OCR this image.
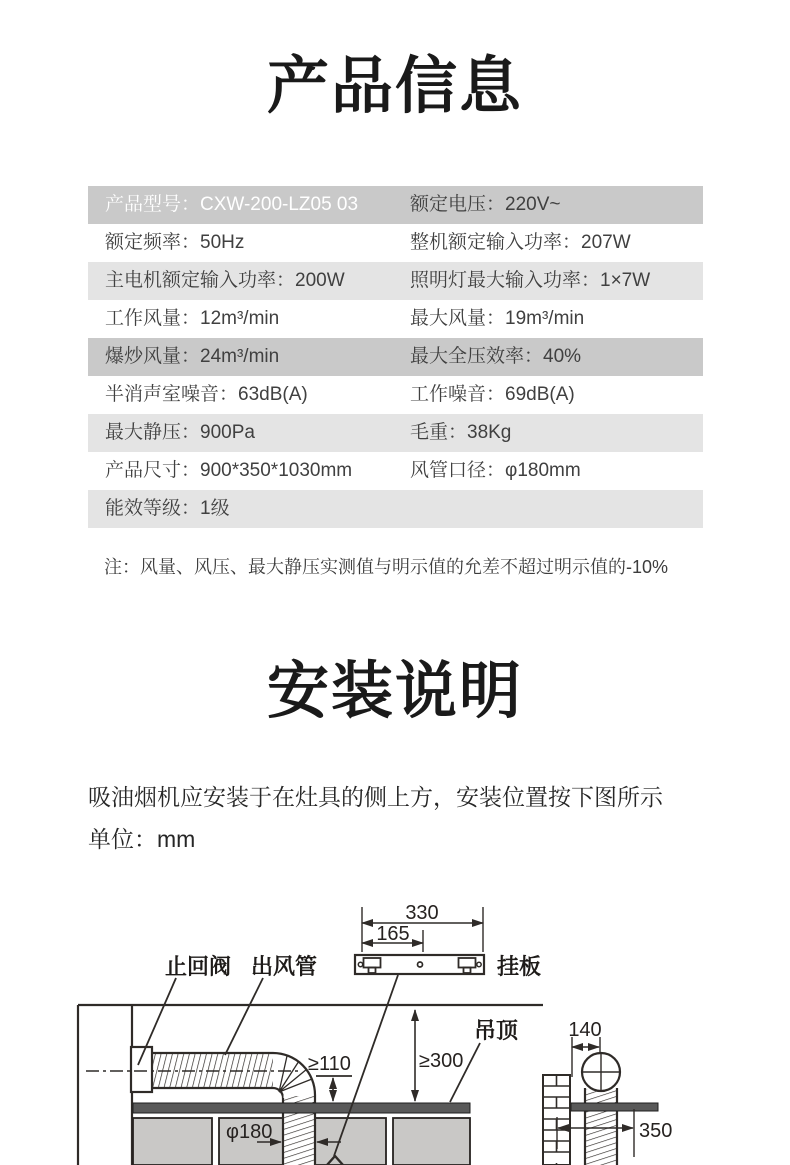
产品信息
产品型号：CXW-200-LZ05 03	额定电压：220V~
额定频率：50Hz	整机额定输入功率：207W
主电机额定输入功率：200W	照明灯最大输入功率：1×7W
工作风量：12m³/min	最大风量：19m³/min
爆炒风量：24m³/min	最大全压效率：40%
半消声室噪音：63dB(A)	工作噪音：69dB(A)
最大静压：900Pa	毛重：38Kg
产品尺寸：900*350*1030mm	风管口径：φ180mm
能效等级：1级
注：风量、风压、最大静压实测值与明示值的允差不超过明示值的-10%
安装说明
吸油烟机应安装于在灶具的侧上方，安装位置按下图所示
单位：mm
330
165
止回阀 出风管	挂板
吊顶
≥110	≥300
φ180
140
350
